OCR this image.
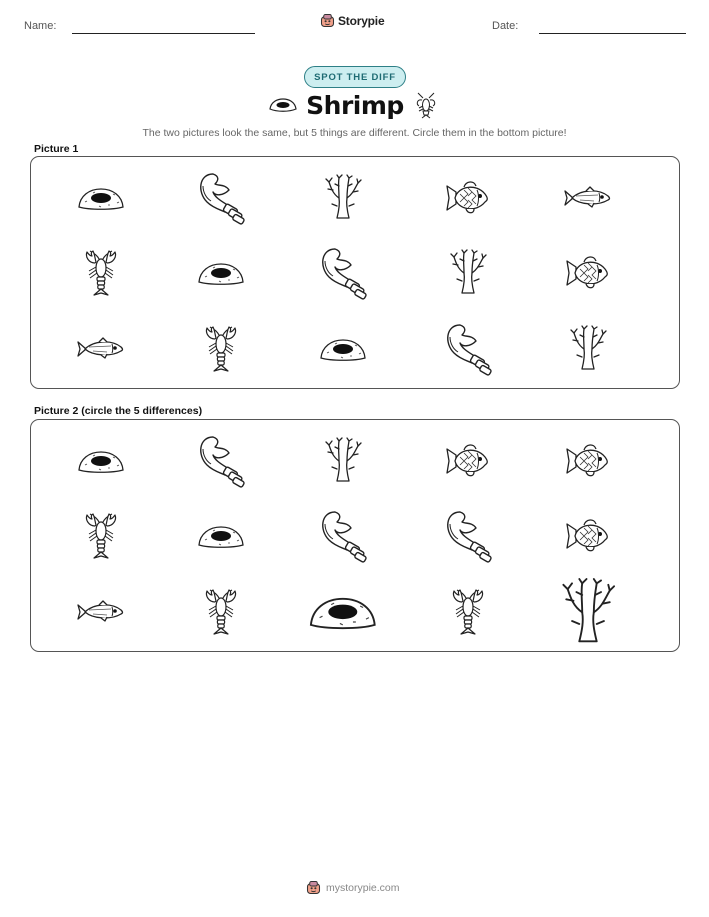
Name:	Storypie	Date:
SPOT THE DIFF
Shrimp
The two pictures look the same, but 5 things are different. Circle them in the bottom picture!
Picture 1
Picture 2 (circle the 5 differences)
mystorypie.com
